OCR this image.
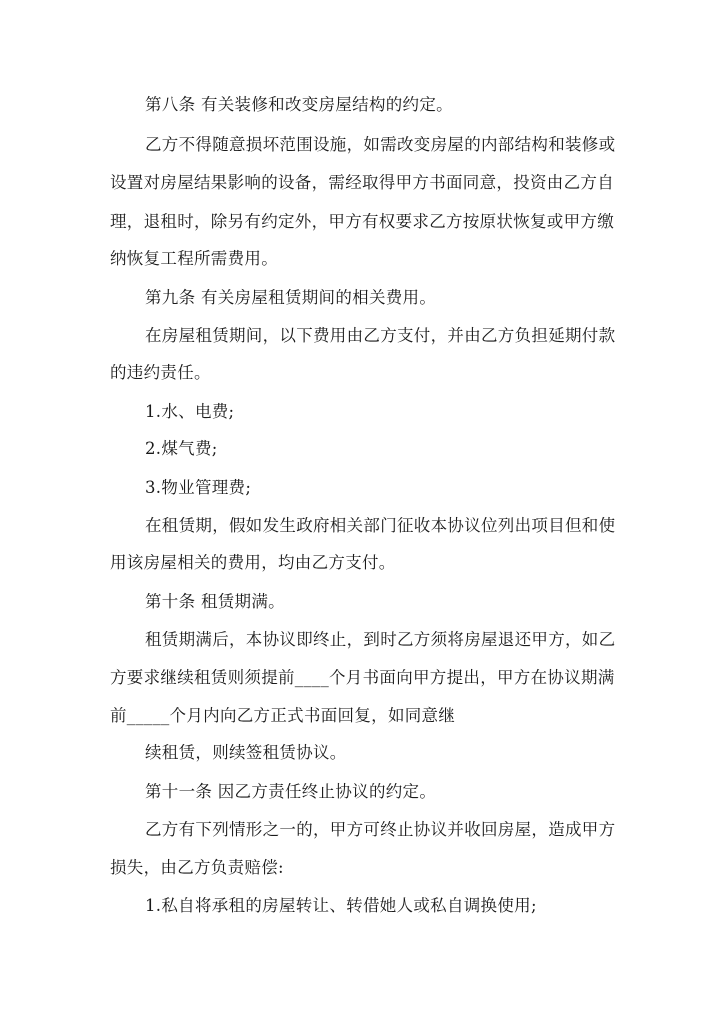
第八条 有关装修和改变房屋结构的约定。
乙方不得随意损坏范围设施，如需改变房屋的内部结构和装修或
设置对房屋结果影响的设备，需经取得甲方书面同意，投资由乙方自
理，退租时，除另有约定外，甲方有权要求乙方按原状恢复或甲方缴
纳恢复工程所需费用。
第九条 有关房屋租赁期间的相关费用。
在房屋租赁期间，以下费用由乙方支付，并由乙方负担延期付款
的违约责任。
1.水、电费;
2.煤气费;
3.物业管理费;
在租赁期，假如发生政府相关部门征收本协议位列出项目但和使
用该房屋相关的费用，均由乙方支付。
第十条 租赁期满。
租赁期满后，本协议即终止，到时乙方须将房屋退还甲方，如乙
方要求继续租赁则须提前____个月书面向甲方提出，甲方在协议期满
前_____个月内向乙方正式书面回复，如同意继
续租赁，则续签租赁协议。
第十一条 因乙方责任终止协议的约定。
乙方有下列情形之一的，甲方可终止协议并收回房屋，造成甲方
损失，由乙方负责赔偿:
1.私自将承租的房屋转让、转借她人或私自调换使用;
